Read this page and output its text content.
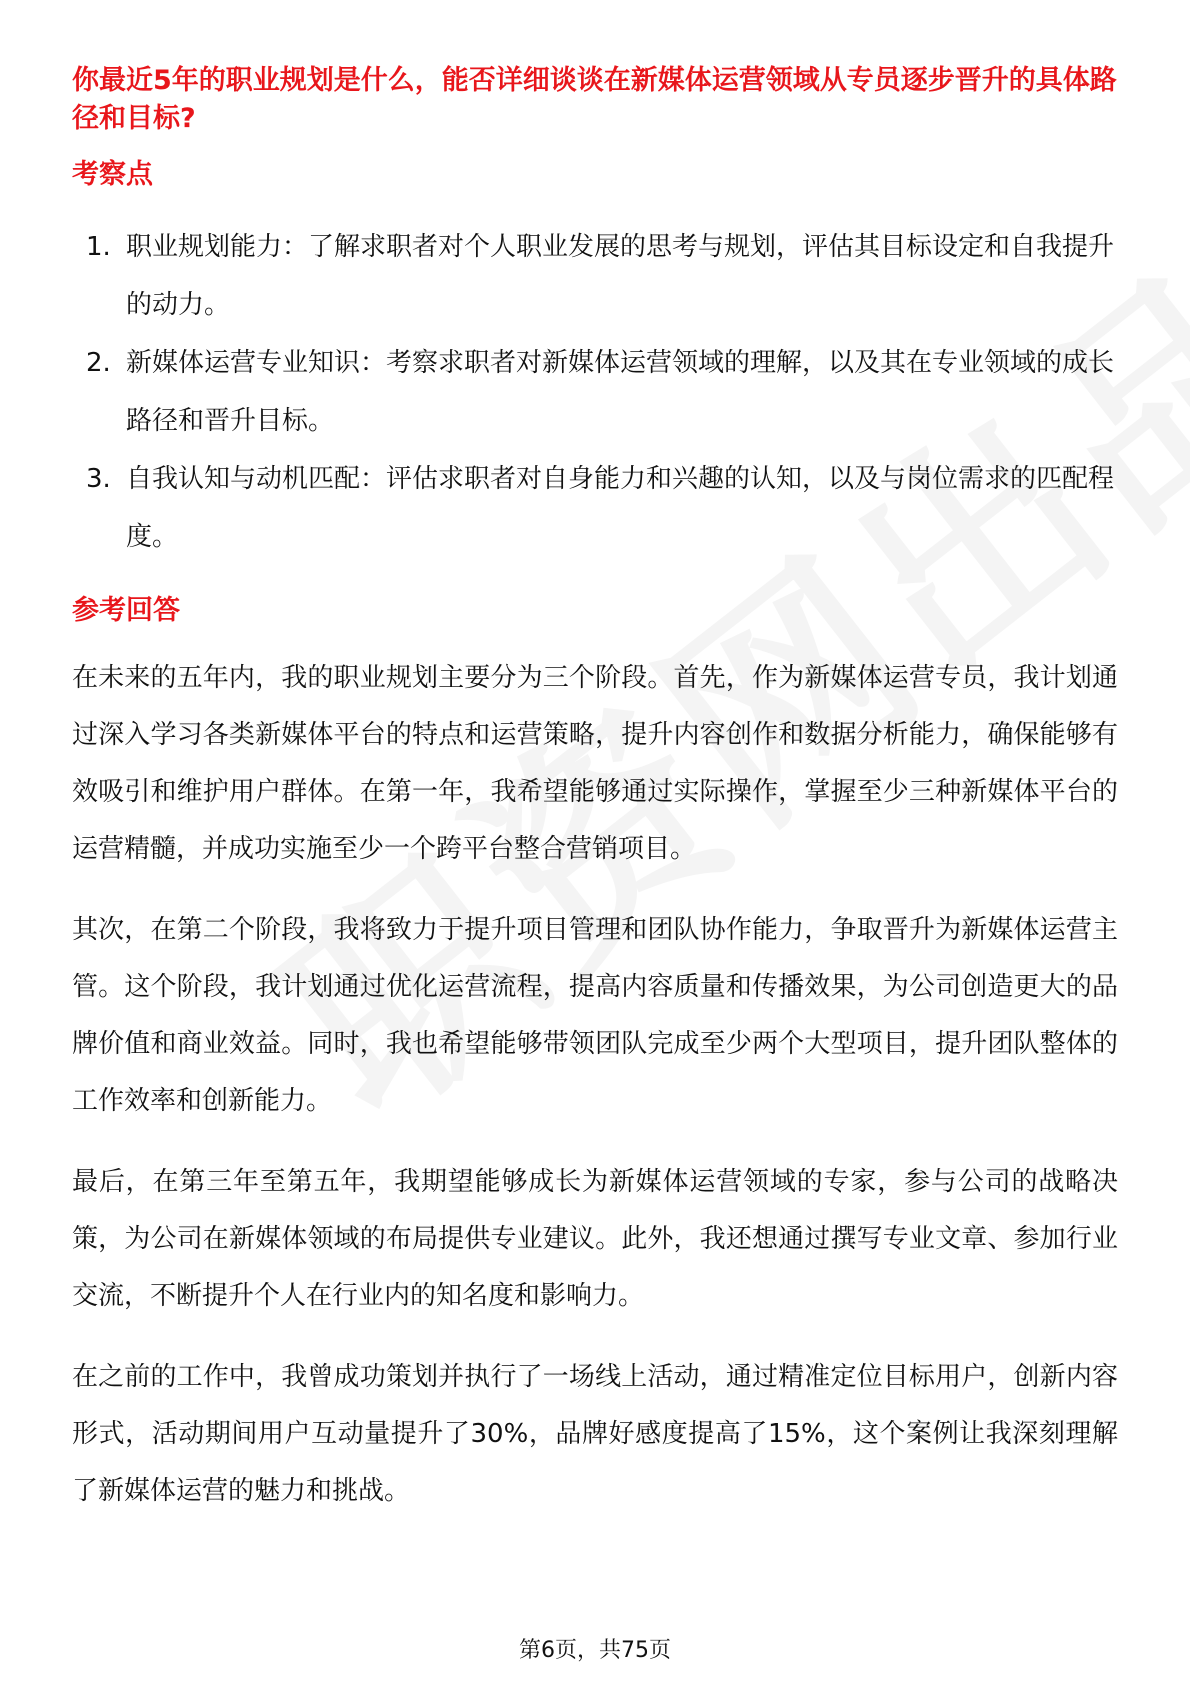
你最近5年的职业规划是什么，能否详细谈谈在新媒体运营领域从专员逐步晋升的具体路径和目标?

考察点
1. 职业规划能力：了解求职者对个人职业发展的思考与规划，评估其目标设定和自我提升的动力。
2. 新媒体运营专业知识：考察求职者对新媒体运营领域的理解，以及其在专业领域的成长路径和晋升目标。
3. 自我认知与动机匹配：评估求职者对自身能力和兴趣的认知，以及与岗位需求的匹配程度。
参考回答

在未来的五年内，我的职业规划主要分为三个阶段。首先，作为新媒体运营专员，我计划通过深入学习各类新媒体平台的特点和运营策略，提升内容创作和数据分析能力，确保能够有效吸引和维护用户群体。在第一年，我希望能够通过实际操作，掌握至少三种新媒体平台的运营精髓，并成功实施至少一个跨平台整合营销项目。

其次，在第二个阶段，我将致力于提升项目管理和团队协作能力，争取晋升为新媒体运营主管。这个阶段，我计划通过优化运营流程，提高内容质量和传播效果，为公司创造更大的品牌价值和商业效益。同时，我也希望能够带领团队完成至少两个大型项目，提升团队整体的工作效率和创新能力。

最后，在第三年至第五年，我期望能够成长为新媒体运营领域的专家，参与公司的战略决策，为公司在新媒体领域的布局提供专业建议。此外，我还想通过撰写专业文章、参加行业交流，不断提升个人在行业内的知名度和影响力。

在之前的工作中，我曾成功策划并执行了一场线上活动，通过精准定位目标用户，创新内容形式，活动期间用户互动量提升了30%，品牌好感度提高了15%，这个案例让我深刻理解了新媒体运营的魅力和挑战。

第6页，共75页
